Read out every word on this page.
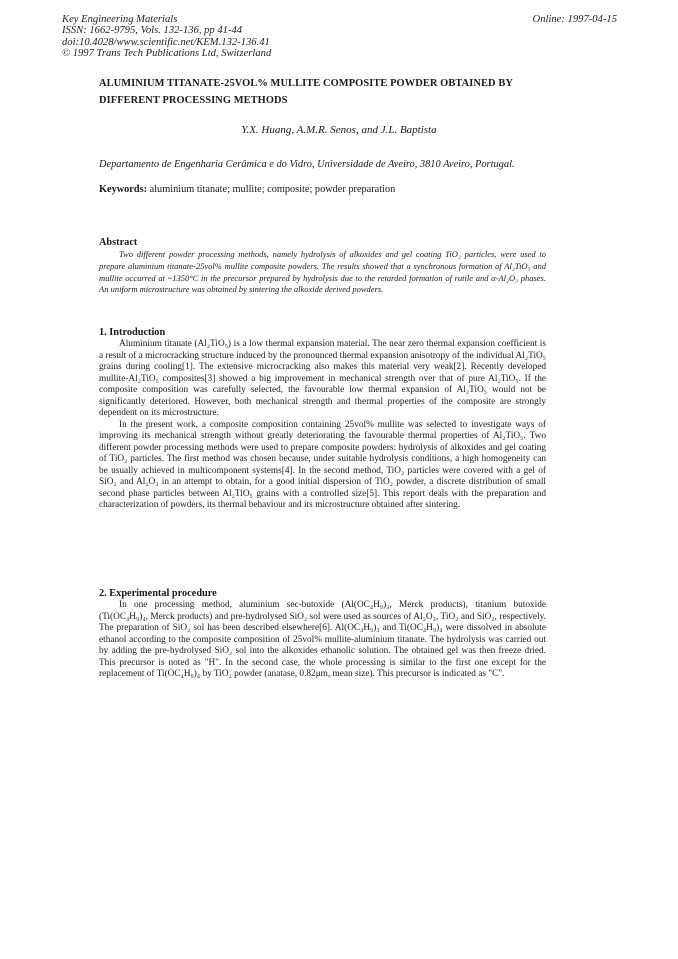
Key Engineering Materials
ISSN: 1662-9795, Vols. 132-136, pp 41-44
doi:10.4028/www.scientific.net/KEM.132-136.41
© 1997 Trans Tech Publications Ltd, Switzerland
Online: 1997-04-15
ALUMINIUM TITANATE-25VOL% MULLITE COMPOSITE POWDER OBTAINED BY
DIFFERENT PROCESSING METHODS
Y.X. Huang, A.M.R. Senos, and J.L. Baptista
Departamento de Engenharia Cerâmica e do Vidro, Universidade de Aveiro, 3810 Aveiro, Portugal.
Keywords: aluminium titanate; mullite; composite; powder preparation
Abstract

Two different powder processing methods, namely hydrolysis of alkoxides and gel coating TiO₂ particles, were used to prepare aluminium titanate-25vol% mullite composite powders. The results showed that a synchronous formation of Al₂TiO₅ and mullite occurred at ~1350°C in the precursor prepared by hydrolysis due to the retarded formation of rutile and α-Al₂O₃ phases. An uniform microstructure was obtained by sintering the alkoxide derived powders.

1. Introduction

Aluminium titanate (Al₂TiO₅) is a low thermal expansion material. The near zero thermal expansion coefficient is a result of a microcracking structure induced by the pronounced thermal expansion anisotropy of the individual Al₂TiO₅ grains during cooling[1]. The extensive microcracking also makes this material very weak[2]. Recently developed mullite-Al₂TiO₅ composites[3] showed a big improvement in mechanical strength over that of pure Al₂TiO₅. If the composite composition was carefully selected, the favourable low thermal expansion of Al₂TiO₅ would not be significantly deteriored. However, both mechanical strength and thermal properties of the composite are strongly dependent on its microstructure.

In the present work, a composite composition containing 25vol% mullite was selected to investigate ways of improving its mechanical strength without greatly deteriorating the favourable thermal properties of Al₂TiO₅. Two different powder processing methods were used to prepare composite powders: hydrolysis of alkoxides and gel coating of TiO₂ particles. The first method was chosen because, under suitable hydrolysis conditions, a high homogeneity can be usually achieved in multicomponent systems[4]. In the second method, TiO₂ particles were covered with a gel of SiO₂ and Al₂O₃ in an attempt to obtain, for a good initial dispersion of TiO₂ powder, a discrete distribution of small second phase particles between Al₂TiO₅ grains with a controlled size[5]. This report deals with the preparation and characterization of powders, its thermal behaviour and its microstructure obtained after sintering.

2. Experimental procedure

In one processing method, aluminium sec-butoxide (Al(OC₄H₉)₃, Merck products), titanium butoxide (Ti(OC₄H₉)₄, Merck products) and pre-hydrolysed SiO₂ sol were used as sources of Al₂O₃, TiO₂ and SiO₂, respectively. The preparation of SiO₂ sol has been described elsewhere[6]. Al(OC₄H₉)₃ and Ti(OC₄H₉)₄ were dissolved in absolute ethanol according to the composite composition of 25vol% mullite-aluminium titanate. The hydrolysis was carried out by adding the pre-hydrolysed SiO₂ sol into the alkoxides ethanolic solution. The obtained gel was then freeze dried. This precursor is noted as "H". In the second case, the whole processing is similar to the first one except for the replacement of Ti(OC₄H₉)₄ by TiO₂ powder (anatase, 0.82μm, mean size). This precursor is indicated as "C".
